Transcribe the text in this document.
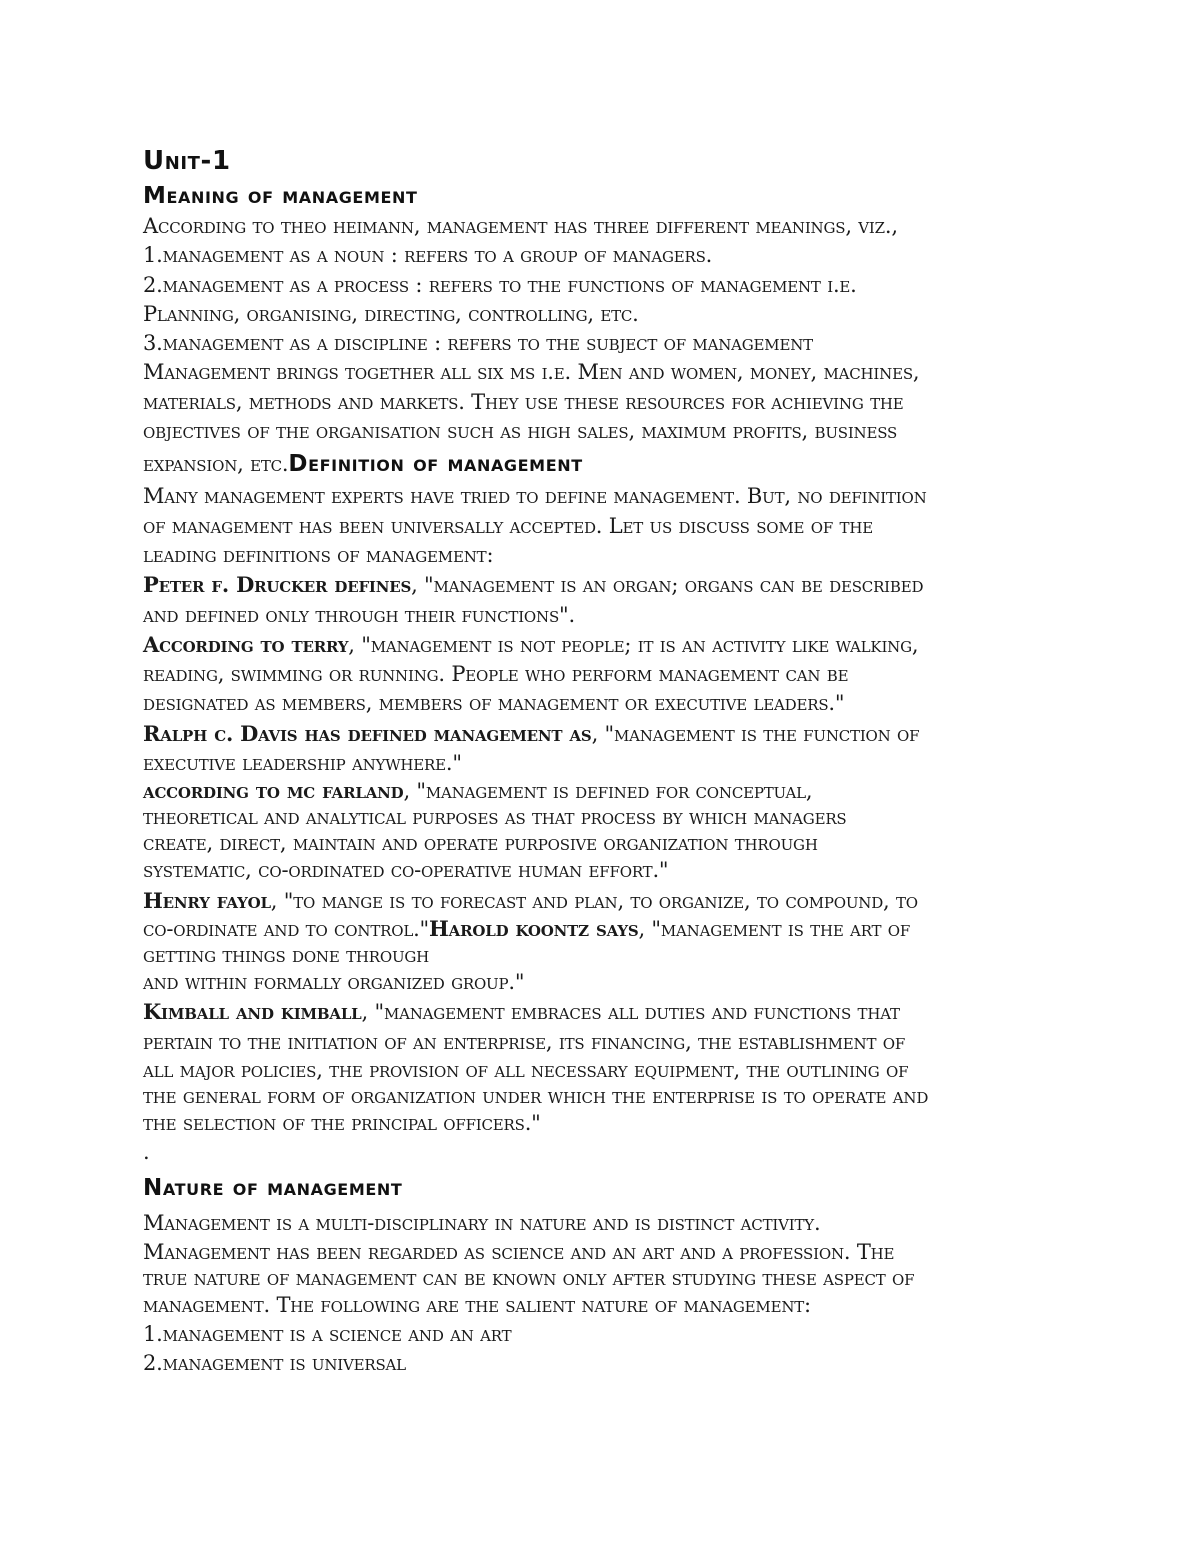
Unit-1
Meaning of management
According to theo heimann, management has three different meanings, viz.,
1.management as a noun : refers to a group of managers.
2.management as a process : refers to the functions of management i.e.
Planning, organising, directing, controlling, etc.
3.management as a discipline : refers to the subject of management
Management brings together all six ms i.e. Men and women, money, machines,
materials, methods and markets. They use these resources for achieving the
objectives of the organisation such as high sales, maximum profits, business
expansion, etc.Definition of management
Many management experts have tried to define management. But, no definition
of management has been universally accepted. Let us discuss some of the
leading definitions of management:
Peter f. Drucker defines, "management is an organ; organs can be described
and defined only through their functions".
According to terry, "management is not people; it is an activity like walking,
reading, swimming or running. People who perform management can be
designated as members, members of management or executive leaders."
Ralph c. Davis has defined management as, "management is the function of
executive leadership anywhere."
according to mc farland, "management is defined for conceptual,
theoretical and analytical purposes as that process by which managers
create, direct, maintain and operate purposive organization through
systematic, co-ordinated co-operative human effort."
Henry fayol, "to mange is to forecast and plan, to organize, to compound, to
co-ordinate and to control."Harold koontz says, "management is the art of
getting things done through
and within formally organized group."
Kimball and kimball, "management embraces all duties and functions that
pertain to the initiation of an enterprise, its financing, the establishment of
all major policies, the provision of all necessary equipment, the outlining of
the general form of organization under which the enterprise is to operate and
the selection of the principal officers."
.
Nature of management
Management is a multi-disciplinary in nature and is distinct activity.
Management has been regarded as science and an art and a profession. The
true nature of management can be known only after studying these aspect of
management. The following are the salient nature of management:
1.management is a science and an art
2.management is universal
